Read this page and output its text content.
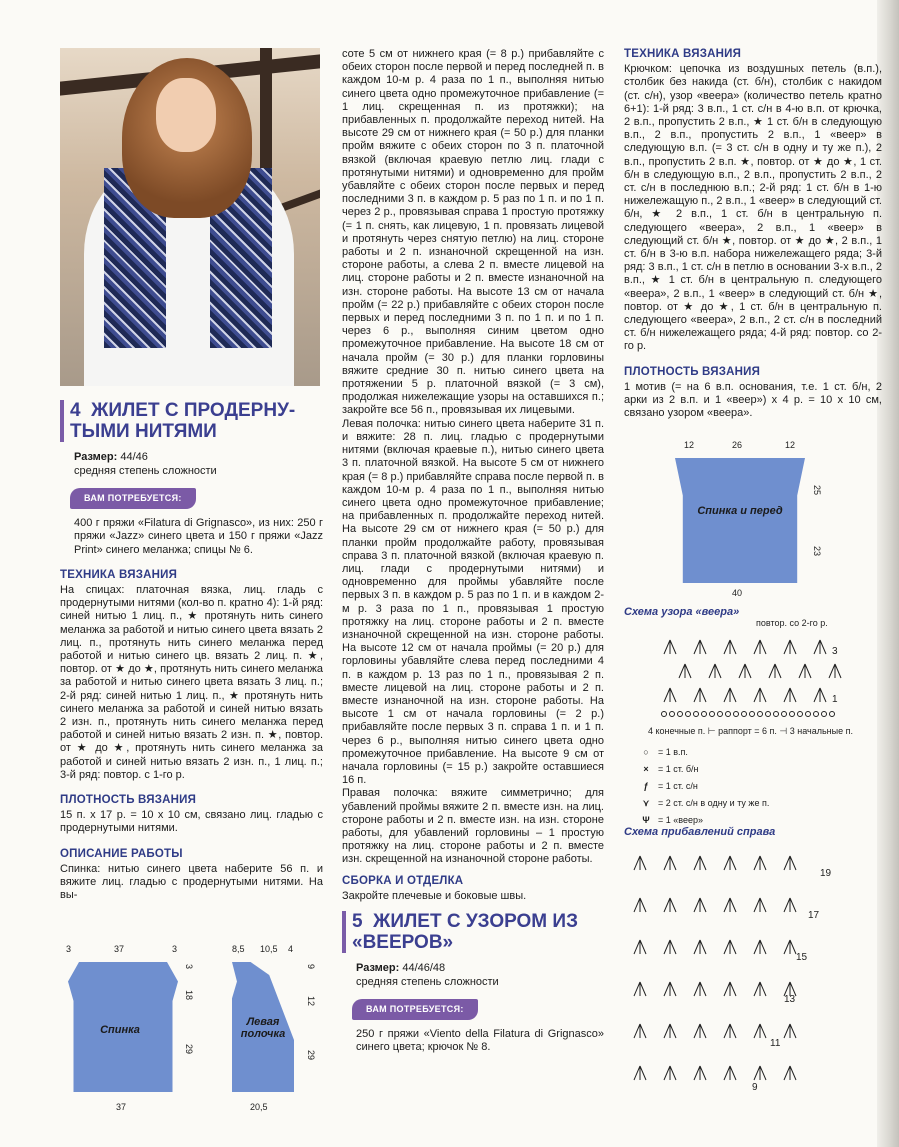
4 ЖИЛЕТ С ПРОДЕРНУ-ТЫМИ НИТЯМИ
Размер: 44/46
средняя степень сложности
ВАМ ПОТРЕБУЕТСЯ:

400 г пряжи «Filatura di Grignasco», из них: 250 г пряжи «Jazz» синего цвета и 150 г пряжи «Jazz Print» синего меланжа; спицы № 6.

ТЕХНИКА ВЯЗАНИЯ

На спицах: платочная вязка, лиц. гладь с продернутыми нитями (кол-во п. кратно 4): 1-й ряд: синей нитью 1 лиц. п., ★ протянуть нить синего меланжа за работой и нитью синего цвета вязать 2 лиц. п., протянуть нить синего меланжа перед работой и нитью синего цв. вязать 2 лиц. п. ★, повтор. от ★ до ★, протянуть нить синего меланжа за работой и нитью синего цвета вязать 3 лиц. п.; 2-й ряд: синей нитью 1 лиц. п., ★ протянуть нить синего меланжа за работой и синей нитью вязать 2 изн. п., протянуть нить синего меланжа перед работой и синей нитью вязать 2 изн. п. ★, повтор. от ★ до ★, протянуть нить синего меланжа за работой и синей нитью вязать 2 изн. п., 1 лиц. п.; 3-й ряд: повтор. с 1-го р.

ПЛОТНОСТЬ ВЯЗАНИЯ

15 п. х 17 р. = 10 х 10 см, связано лиц. гладью с продернутыми нитями.

ОПИСАНИЕ РАБОТЫ

Спинка: нитью синего цвета наберите 56 п. и вяжите лиц. гладью с продернутыми нитями. На вы-

3	37	3
Спинка
3
18
29
37
8,5 10,5 4
Левая полочка
9
12
29
20,5

соте 5 см от нижнего края (= 8 р.) прибавляйте с обеих сторон после первой и перед последней п. в каждом 10-м р. 4 раза по 1 п., выполняя нитью синего цвета одно промежуточное прибавление (= 1 лиц. скрещенная п. из протяжки); на прибавленных п. продолжайте переход нитей. На высоте 29 см от нижнего края (= 50 р.) для планки пройм вяжите с обеих сторон по 3 п. платочной вязкой (включая краевую петлю лиц. глади с протянутыми нитями) и одновременно для пройм убавляйте с обеих сторон после первых и перед последними 3 п. в каждом р. 5 раз по 1 п. и по 1 п. через 2 р., провязывая справа 1 простую протяжку (= 1 п. снять, как лицевую, 1 п. провязать лицевой и протянуть через снятую петлю) на лиц. стороне работы и 2 п. изнаночной скрещенной на изн. стороне работы, а слева 2 п. вместе лицевой на лиц. стороне работы и 2 п. вместе изнаночной на изн. стороне работы. На высоте 13 см от начала пройм (= 22 р.) прибавляйте с обеих сторон после первых и перед последними 3 п. по 1 п. и по 1 п. через 6 р., выполняя синим цветом одно промежуточное прибавление. На высоте 18 см от начала пройм (= 30 р.) для планки горловины вяжите средние 30 п. нитью синего цвета на протяжении 5 р. платочной вязкой (= 3 см), продолжая нижележащие узоры на оставшихся п.; закройте все 56 п., провязывая их лицевыми.

Левая полочка: нитью синего цвета наберите 31 п. и вяжите: 28 п. лиц. гладью с продернутыми нитями (включая краевые п.), нитью синего цвета 3 п. платочной вязкой. На высоте 5 см от нижнего края (= 8 р.) прибавляйте справа после первой п. в каждом 10-м р. 4 раза по 1 п., выполняя нитью синего цвета одно промежуточное прибавление; на прибавленных п. продолжайте переход нитей. На высоте 29 см от нижнего края (= 50 р.) для планки пройм продолжайте работу, провязывая справа 3 п. платочной вязкой (включая краевую п. лиц. глади с продернутыми нитями) и одновременно для проймы убавляйте после первых 3 п. в каждом р. 5 раз по 1 п. и в каждом 2-м р. 3 раза по 1 п., провязывая 1 простую протяжку на лиц. стороне работы и 2 п. вместе изнаночной скрещенной на изн. стороне работы. На высоте 12 см от начала проймы (= 20 р.) для горловины убавляйте слева перед последними 4 п. в каждом р. 13 раз по 1 п., провязывая 2 п. вместе лицевой на лиц. стороне работы и 2 п. вместе изнаночной на изн. стороне работы. На высоте 1 см от начала горловины (= 2 р.) прибавляйте после первых 3 п. справа 1 п. и 1 п. через 6 р., выполняя нитью синего цвета одно промежуточное прибавление. На высоте 9 см от начала горловины (= 15 р.) закройте оставшиеся 16 п.

Правая полочка: вяжите симметрично; для убавлений проймы вяжите 2 п. вместе изн. на лиц. стороне работы и 2 п. вместе изн. на изн. стороне работы, для убавлений горловины – 1 простую протяжку на лиц. стороне работы и 2 п. вместе изн. скрещенной на изнаночной стороне работы.

СБОРКА И ОТДЕЛКА

Закройте плечевые и боковые швы.

5 ЖИЛЕТ С УЗОРОМ ИЗ «ВЕЕРОВ»
Размер: 44/46/48
средняя степень сложности
ВАМ ПОТРЕБУЕТСЯ:

250 г пряжи «Viento della Filatura di Grignasco» синего цвета; крючок № 8.

ТЕХНИКА ВЯЗАНИЯ

Крючком: цепочка из воздушных петель (в.п.), столбик без накида (ст. б/н), столбик с накидом (ст. с/н), узор «веера» (количество петель кратно 6+1): 1-й ряд: 3 в.п., 1 ст. с/н в 4-ю в.п. от крючка, 2 в.п., пропустить 2 в.п., ★ 1 ст. б/н в следующую в.п., 2 в.п., пропустить 2 в.п., 1 «веер» в следующую в.п. (= 3 ст. с/н в одну и ту же п.), 2 в.п., пропустить 2 в.п. ★, повтор. от ★ до ★, 1 ст. б/н в следующую в.п., 2 в.п., пропустить 2 в.п., 2 ст. с/н в последнюю в.п.; 2-й ряд: 1 ст. б/н в 1-ю нижележащую п., 2 в.п., 1 «веер» в следующий ст. б/н, ★ 2 в.п., 1 ст. б/н в центральную п. следующего «веера», 2 в.п., 1 «веер» в следующий ст. б/н ★, повтор. от ★ до ★, 2 в.п., 1 ст. б/н в 3-ю в.п. набора нижележащего ряда; 3-й ряд: 3 в.п., 1 ст. с/н в петлю в основании 3-х в.п., 2 в.п., ★ 1 ст. б/н в центральную п. следующего «веера», 2 в.п., 1 «веер» в следующий ст. б/н ★, повтор. от ★ до ★, 1 ст. б/н в центральную п. следующего «веера», 2 в.п., 2 ст. с/н в последний ст. б/н нижележащего ряда; 4-й ряд: повтор. со 2-го р.

ПЛОТНОСТЬ ВЯЗАНИЯ

1 мотив (= на 6 в.п. основания, т.е. 1 ст. б/н, 2 арки из 2 в.п. и 1 «веер») х 4 р. = 10 х 10 см, связано узором «веера».

12	26	12
Спинка и перед
25
23
40
Схема узора «веера»
повтор. со 2-го р.
3
1
4 конечные п. ⊢ раппорт = 6 п. ⊣ 3 начальные п.
○ = 1 в.п.
× = 1 ст. б/н
ƒ = 1 ст. с/н
⋎ = 2 ст. с/н в одну и ту же п.
Ψ = 1 «веер»
Схема прибавлений справа
19
17
15
13
11
9
